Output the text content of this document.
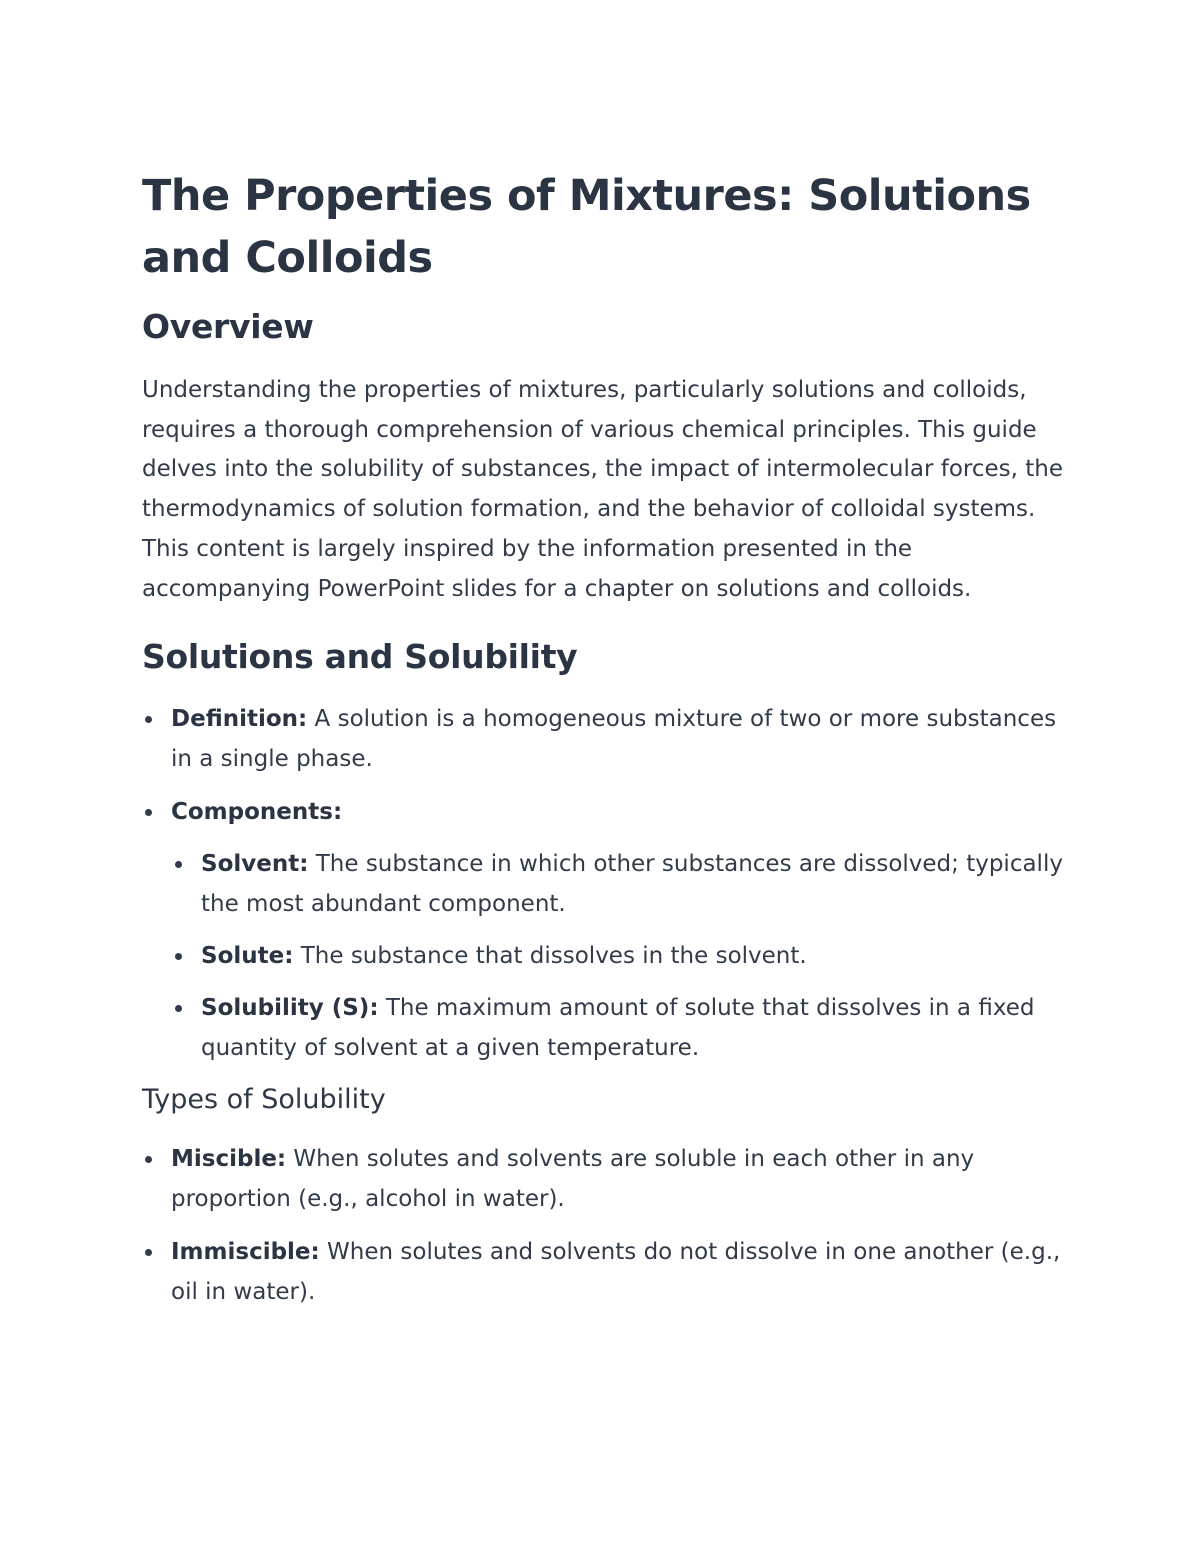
The Properties of Mixtures: Solutions and Colloids
Overview

Understanding the properties of mixtures, particularly solutions and colloids, requires a thorough comprehension of various chemical principles. This guide delves into the solubility of substances, the impact of intermolecular forces, the thermodynamics of solution formation, and the behavior of colloidal systems. This content is largely inspired by the information presented in the accompanying PowerPoint slides for a chapter on solutions and colloids.

Solutions and Solubility
Definition: A solution is a homogeneous mixture of two or more substances in a single phase.
Components:
Solvent: The substance in which other substances are dissolved; typically the most abundant component.
Solute: The substance that dissolves in the solvent.
Solubility (S): The maximum amount of solute that dissolves in a fixed quantity of solvent at a given temperature.
Types of Solubility
Miscible: When solutes and solvents are soluble in each other in any proportion (e.g., alcohol in water).
Immiscible: When solutes and solvents do not dissolve in one another (e.g., oil in water).
